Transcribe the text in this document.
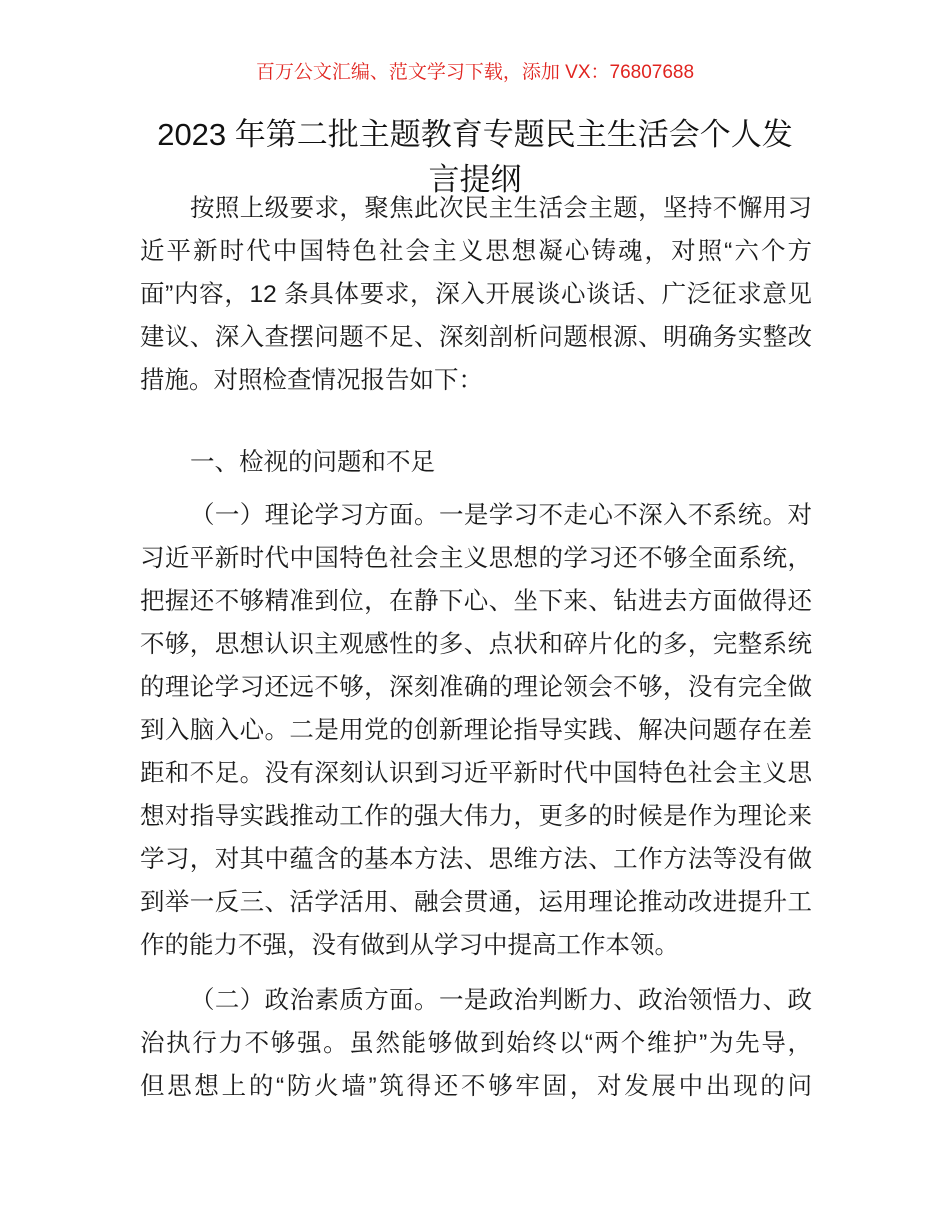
百万公文汇编、范文学习下载，添加 VX：76807688
2023 年第二批主题教育专题民主生活会个人发
言提纲
按照上级要求，聚焦此次民主生活会主题，坚持不懈用习
近平新时代中国特色社会主义思想凝心铸魂，对照“六个方
面”内容，12 条具体要求，深入开展谈心谈话、广泛征求意见
建议、深入查摆问题不足、深刻剖析问题根源、明确务实整改
措施。对照检查情况报告如下：
一、检视的问题和不足
（一）理论学习方面。一是学习不走心不深入不系统。对
习近平新时代中国特色社会主义思想的学习还不够全面系统，
把握还不够精准到位，在静下心、坐下来、钻进去方面做得还
不够，思想认识主观感性的多、点状和碎片化的多，完整系统
的理论学习还远不够，深刻准确的理论领会不够，没有完全做
到入脑入心。二是用党的创新理论指导实践、解决问题存在差
距和不足。没有深刻认识到习近平新时代中国特色社会主义思
想对指导实践推动工作的强大伟力，更多的时候是作为理论来
学习，对其中蕴含的基本方法、思维方法、工作方法等没有做
到举一反三、活学活用、融会贯通，运用理论推动改进提升工
作的能力不强，没有做到从学习中提高工作本领。
（二）政治素质方面。一是政治判断力、政治领悟力、政
治执行力不够强。虽然能够做到始终以“两个维护”为先导，
但思想上的“防火墙”筑得还不够牢固，对发展中出现的问
